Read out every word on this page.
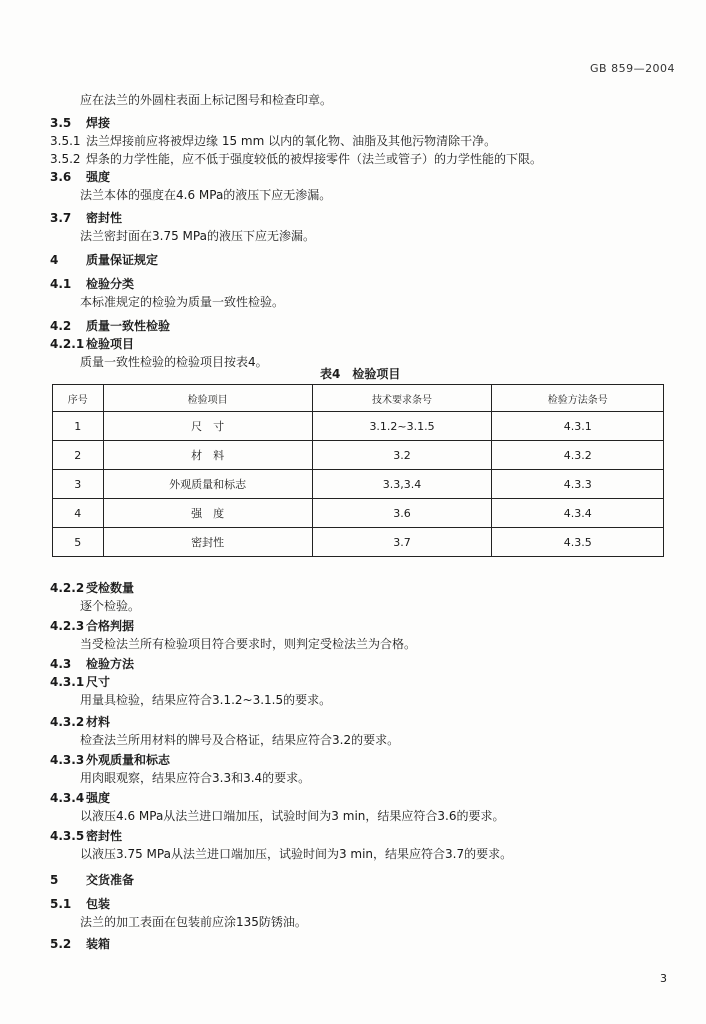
GB 859—2004
应在法兰的外圆柱表面上标记图号和检查印章。
3.5 焊接
3.5.1 法兰焊接前应将被焊边缘 15 mm 以内的氧化物、油脂及其他污物清除干净。
3.5.2 焊条的力学性能，应不低于强度较低的被焊接零件（法兰或管子）的力学性能的下限。
3.6 强度
法兰本体的强度在4.6 MPa的液压下应无渗漏。
3.7 密封性
法兰密封面在3.75 MPa的液压下应无渗漏。
4 质量保证规定
4.1 检验分类
本标准规定的检验为质量一致性检验。
4.2 质量一致性检验
4.2.1 检验项目
质量一致性检验的检验项目按表4。
表4　检验项目
序号	检验项目	技术要求条号	检验方法条号
1	尺　寸	3.1.2~3.1.5	4.3.1
2	材　料	3.2	4.3.2
3	外观质量和标志	3.3,3.4	4.3.3
4	强　度	3.6	4.3.4
5	密封性	3.7	4.3.5
4.2.2 受检数量
逐个检验。
4.2.3 合格判据
当受检法兰所有检验项目符合要求时，则判定受检法兰为合格。
4.3 检验方法
4.3.1 尺寸
用量具检验，结果应符合3.1.2~3.1.5的要求。
4.3.2 材料
检查法兰所用材料的牌号及合格证，结果应符合3.2的要求。
4.3.3 外观质量和标志
用肉眼观察，结果应符合3.3和3.4的要求。
4.3.4 强度
以液压4.6 MPa从法兰进口端加压，试验时间为3 min，结果应符合3.6的要求。
4.3.5 密封性
以液压3.75 MPa从法兰进口端加压，试验时间为3 min，结果应符合3.7的要求。
5 交货准备
5.1 包装
法兰的加工表面在包装前应涂135防锈油。
5.2 装箱
3
